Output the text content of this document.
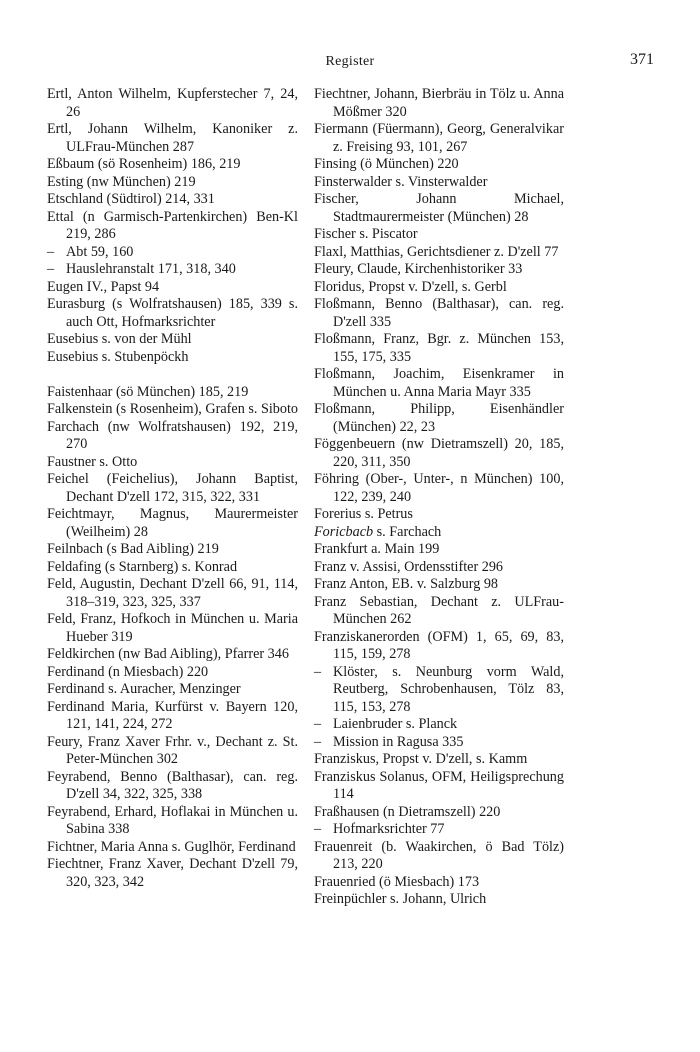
Register	371
Ertl, Anton Wilhelm, Kupferstecher 7, 24, 26
Ertl, Johann Wilhelm, Kanoniker z. ULFrau-München 287
Eßbaum (sö Rosenheim) 186, 219
Esting (nw München) 219
Etschland (Südtirol) 214, 331
Ettal (n Garmisch-Partenkirchen) Ben-Kl 219, 286
– Abt 59, 160
– Hauslehranstalt 171, 318, 340
Eugen IV., Papst 94
Eurasburg (s Wolfratshausen) 185, 339 s. auch Ott, Hofmarksrichter
Eusebius s. von der Mühl
Eusebius s. Stubenpöckh
Faistenhaar (sö München) 185, 219
Falkenstein (s Rosenheim), Grafen s. Siboto
Farchach (nw Wolfratshausen) 192, 219, 270
Faustner s. Otto
Feichel (Feichelius), Johann Baptist, Dechant D'zell 172, 315, 322, 331
Feichtmayr, Magnus, Maurermeister (Weilheim) 28
Feilnbach (s Bad Aibling) 219
Feldafing (s Starnberg) s. Konrad
Feld, Augustin, Dechant D'zell 66, 91, 114, 318–319, 323, 325, 337
Feld, Franz, Hofkoch in München u. Maria Hueber 319
Feldkirchen (nw Bad Aibling), Pfarrer 346
Ferdinand (n Miesbach) 220
Ferdinand s. Auracher, Menzinger
Ferdinand Maria, Kurfürst v. Bayern 120, 121, 141, 224, 272
Feury, Franz Xaver Frhr. v., Dechant z. St. Peter-München 302
Feyrabend, Benno (Balthasar), can. reg. D'zell 34, 322, 325, 338
Feyrabend, Erhard, Hoflakai in München u. Sabina 338
Fichtner, Maria Anna s. Guglhör, Ferdinand
Fiechtner, Franz Xaver, Dechant D'zell 79, 320, 323, 342
Fiechtner, Johann, Bierbräu in Tölz u. Anna Mößmer 320
Fiermann (Füermann), Georg, Generalvikar z. Freising 93, 101, 267
Finsing (ö München) 220
Finsterwalder s. Vinsterwalder
Fischer, Johann Michael, Stadtmaurermeister (München) 28
Fischer s. Piscator
Flaxl, Matthias, Gerichtsdiener z. D'zell 77
Fleury, Claude, Kirchenhistoriker 33
Floridus, Propst v. D'zell, s. Gerbl
Floßmann, Benno (Balthasar), can. reg. D'zell 335
Floßmann, Franz, Bgr. z. München 153, 155, 175, 335
Floßmann, Joachim, Eisenkramer in München u. Anna Maria Mayr 335
Floßmann, Philipp, Eisenhändler (München) 22, 23
Föggenbeuern (nw Dietramszell) 20, 185, 220, 311, 350
Föhring (Ober-, Unter-, n München) 100, 122, 239, 240
Forerius s. Petrus
Foricbacb s. Farchach
Frankfurt a. Main 199
Franz v. Assisi, Ordensstifter 296
Franz Anton, EB. v. Salzburg 98
Franz Sebastian, Dechant z. ULFrau-München 262
Franziskanerorden (OFM) 1, 65, 69, 83, 115, 159, 278
– Klöster, s. Neunburg vorm Wald, Reutberg, Schrobenhausen, Tölz 83, 115, 153, 278
– Laienbruder s. Planck
– Mission in Ragusa 335
Franziskus, Propst v. D'zell, s. Kamm
Franziskus Solanus, OFM, Heiligsprechung 114
Fraßhausen (n Dietramszell) 220
– Hofmarksrichter 77
Frauenreit (b. Waakirchen, ö Bad Tölz) 213, 220
Frauenried (ö Miesbach) 173
Freinpüchler s. Johann, Ulrich
